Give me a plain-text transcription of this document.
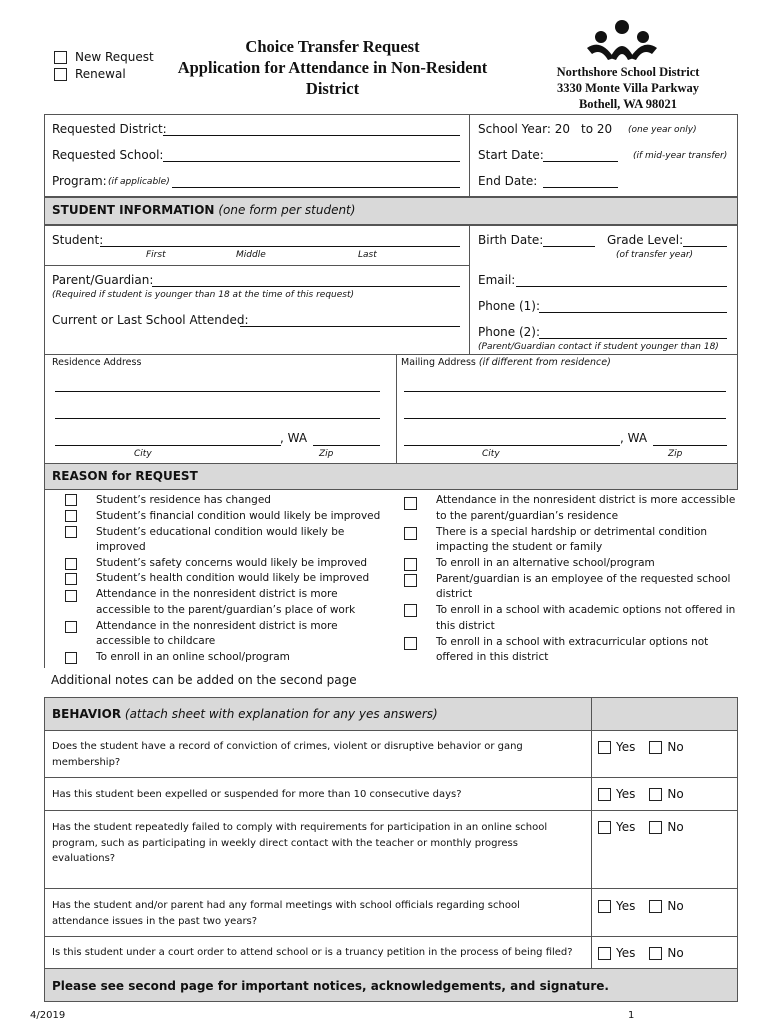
New Request
Renewal
Choice Transfer Request
Application for Attendance in Non-Resident
District
Northshore School District
3330 Monte Villa Parkway
Bothell, WA 98021
Requested District:
Requested School:
Program: (if applicable)
School Year: 20 to 20 (one year only)
Start Date:	(if mid-year transfer)
End Date:
STUDENT INFORMATION (one form per student)
Student:
First	Middle	Last
Birth Date:	Grade Level:
(of transfer year)
Parent/Guardian:
(Required if student is younger than 18 at the time of this request)
Current or Last School Attended:
Email:
Phone (1):
Phone (2):
(Parent/Guardian contact if student younger than 18)
Residence Address
, WA
City	Zip
Mailing Address (if different from residence)
, WA
City	Zip
REASON for REQUEST
Student’s residence has changed
Student’s financial condition would likely be improved
Student’s educational condition would likely be
improved
Student’s safety concerns would likely be improved
Student’s health condition would likely be improved
Attendance in the nonresident district is more
accessible to the parent/guardian’s place of work
Attendance in the nonresident district is more
accessible to childcare
To enroll in an online school/program
Attendance in the nonresident district is more accessible
to the parent/guardian’s residence
There is a special hardship or detrimental condition
impacting the student or family
To enroll in an alternative school/program
Parent/guardian is an employee of the requested school
district
To enroll in a school with academic options not offered in
this district
To enroll in a school with extracurricular options not
offered in this district
Additional notes can be added on the second page
BEHAVIOR (attach sheet with explanation for any yes answers)
Does the student have a record of conviction of crimes, violent or disruptive behavior or gang
membership?
Yes	No
Has this student been expelled or suspended for more than 10 consecutive days?	Yes	No
Has the student repeatedly failed to comply with requirements for participation in an online school
program, such as participating in weekly direct contact with the teacher or monthly progress
evaluations?
Yes	No
Has the student and/or parent had any formal meetings with school officials regarding school
attendance issues in the past two years?
Yes	No
Is this student under a court order to attend school or is a truancy petition in the process of being filed?	Yes	No
Please see second page for important notices, acknowledgements, and signature.
4/2019	1
